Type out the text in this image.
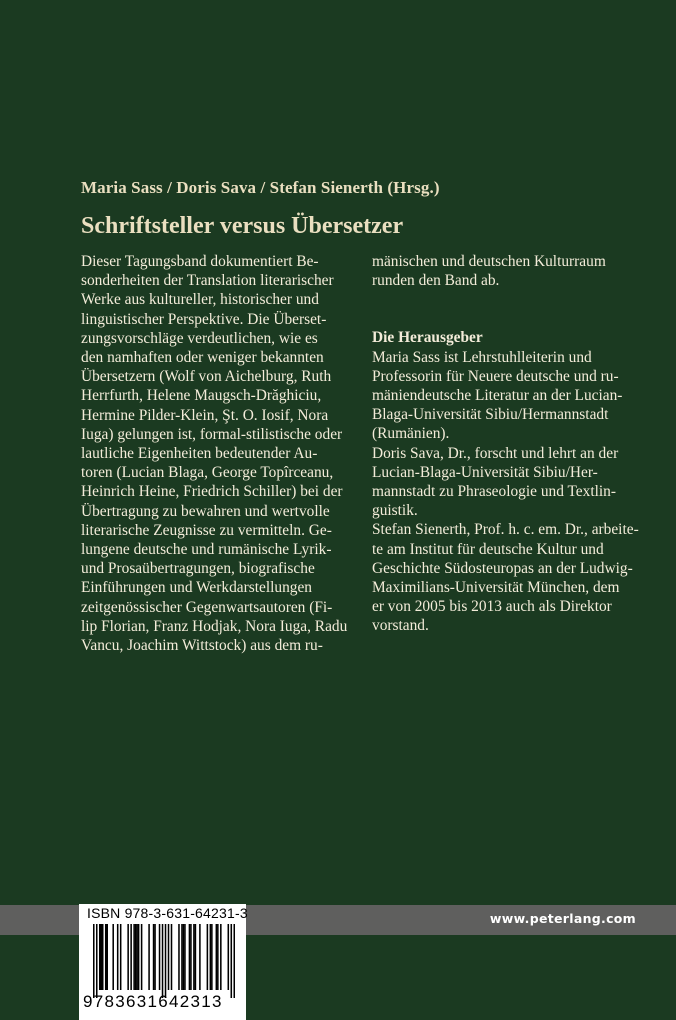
Maria Sass / Doris Sava / Stefan Sienerth (Hrsg.)
Schriftsteller versus Übersetzer
Dieser Tagungsband dokumentiert Be-
sonderheiten der Translation literarischer
Werke aus kultureller, historischer und
linguistischer Perspektive. Die Überset-
zungsvorschläge verdeutlichen, wie es
den namhaften oder weniger bekannten
Übersetzern (Wolf von Aichelburg, Ruth
Herrfurth, Helene Maugsch-Drăghiciu,
Hermine Pilder-Klein, Şt. O. Iosif, Nora
Iuga) gelungen ist, formal-stilistische oder
lautliche Eigenheiten bedeutender Au-
toren (Lucian Blaga, George Topîrceanu,
Heinrich Heine, Friedrich Schiller) bei der
Übertragung zu bewahren und wertvolle
literarische Zeugnisse zu vermitteln. Ge-
lungene deutsche und rumänische Lyrik-
und Prosaübertragungen, biografische
Einführungen und Werkdarstellungen
zeitgenössischer Gegenwartsautoren (Fi-
lip Florian, Franz Hodjak, Nora Iuga, Radu
Vancu, Joachim Wittstock) aus dem ru-
mänischen und deutschen Kulturraum
runden den Band ab.
Die Herausgeber
Maria Sass ist Lehrstuhlleiterin und
Professorin für Neuere deutsche und ru-
mäniendeutsche Literatur an der Lucian-
Blaga-Universität Sibiu/Hermannstadt
(Rumänien).
Doris Sava, Dr., forscht und lehrt an der
Lucian-Blaga-Universität Sibiu/Her-
mannstadt zu Phraseologie und Textlin-
guistik.
Stefan Sienerth, Prof. h. c. em. Dr., arbeite-
te am Institut für deutsche Kultur und
Geschichte Südosteuropas an der Ludwig-
Maximilians-Universität München, dem
er von 2005 bis 2013 auch als Direktor
vorstand.
www.peterlang.com
ISBN 978-3-631-64231-3
9783631642313
